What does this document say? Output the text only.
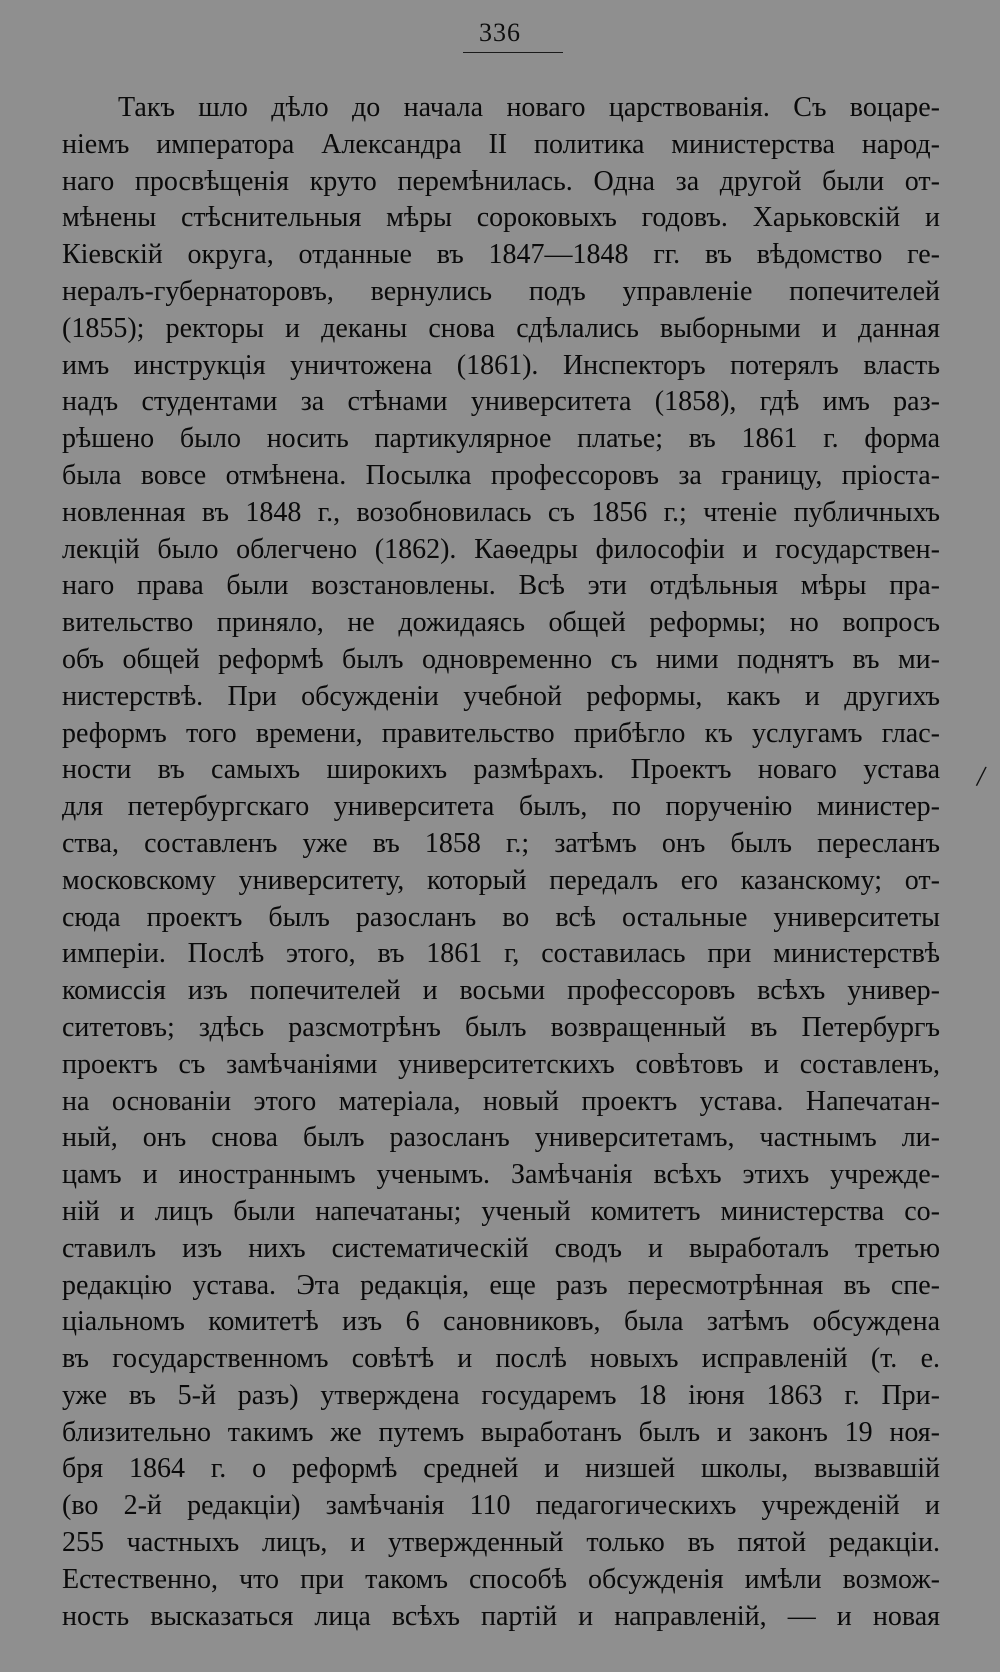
336
Такъ шло дѣло до начала новаго царствованія. Съ воцаре-
ніемъ императора Александра II политика министерства народ-
наго просвѣщенія круто перемѣнилась. Одна за другой были от-
мѣнены стѣснительныя мѣры сороковыхъ годовъ. Харьковскій и
Кіевскій округа, отданные въ 1847—1848 гг. въ вѣдомство ге-
нералъ-губернаторовъ, вернулись подъ управленіе попечителей
(1855); ректоры и деканы снова сдѣлались выборными и данная
имъ инструкція уничтожена (1861). Инспекторъ потерялъ власть
надъ студентами за стѣнами университета (1858), гдѣ имъ раз-
рѣшено было носить партикулярное платье; въ 1861 г. форма
была вовсе отмѣнена. Посылка профессоровъ за границу, пріоста-
новленная въ 1848 г., возобновилась съ 1856 г.; чтеніе публичныхъ
лекцій было облегчено (1862). Каѳедры философіи и государствен-
наго права были возстановлены. Всѣ эти отдѣльныя мѣры пра-
вительство приняло, не дожидаясь общей реформы; но вопросъ
объ общей реформѣ былъ одновременно съ ними поднятъ въ ми-
нистерствѣ. При обсужденіи учебной реформы, какъ и другихъ
реформъ того времени, правительство прибѣгло къ услугамъ глас-
ности въ самыхъ широкихъ размѣрахъ. Проектъ новаго устава
для петербургскаго университета былъ, по порученію министер-
ства, составленъ уже въ 1858 г.; затѣмъ онъ былъ пересланъ
московскому университету, который передалъ его казанскому; от-
сюда проектъ былъ разосланъ во всѣ остальные университеты
имперіи. Послѣ этого, въ 1861 г, составилась при министерствѣ
комиссія изъ попечителей и восьми профессоровъ всѣхъ универ-
ситетовъ; здѣсь разсмотрѣнъ былъ возвращенный въ Петербургъ
проектъ съ замѣчаніями университетскихъ совѣтовъ и составленъ,
на основаніи этого матеріала, новый проектъ устава. Напечатан-
ный, онъ снова былъ разосланъ университетамъ, частнымъ ли-
цамъ и иностраннымъ ученымъ. Замѣчанія всѣхъ этихъ учрежде-
ній и лицъ были напечатаны; ученый комитетъ министерства со-
ставилъ изъ нихъ систематическій сводъ и выработалъ третью
редакцію устава. Эта редакція, еще разъ пересмотрѣнная въ спе-
ціальномъ комитетѣ изъ 6 сановниковъ, была затѣмъ обсуждена
въ государственномъ совѣтѣ и послѣ новыхъ исправленій (т. е.
уже въ 5-й разъ) утверждена государемъ 18 іюня 1863 г. При-
близительно такимъ же путемъ выработанъ былъ и законъ 19 ноя-
бря 1864 г. о реформѣ средней и низшей школы, вызвавшій
(во 2-й редакціи) замѣчанія 110 педагогическихъ учрежденій и
255 частныхъ лицъ, и утвержденный только въ пятой редакціи.
Естественно, что при такомъ способѣ обсужденія имѣли возмож-
ность высказаться лица всѣхъ партій и направленій, — и новая
/
